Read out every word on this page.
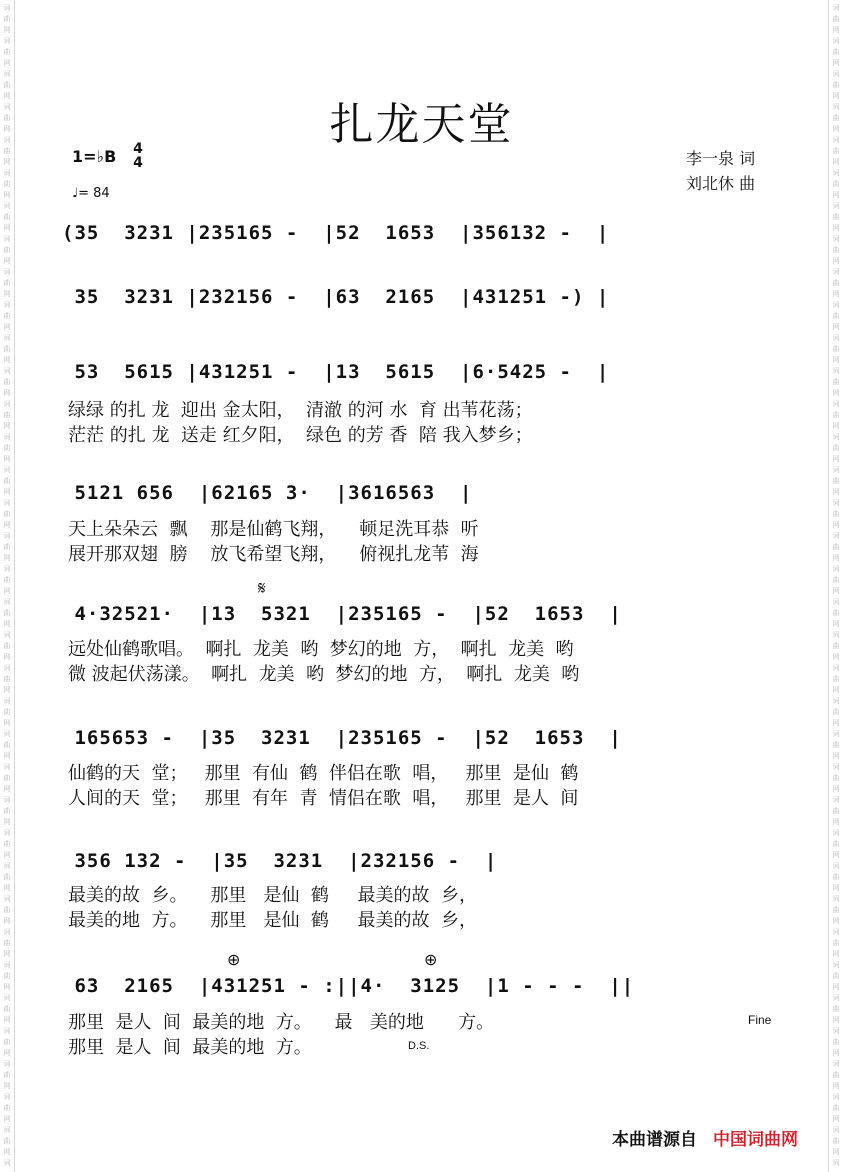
词
曲
网
词
曲
网
词
曲
网
词
曲
网
词
曲
网
词
曲
网
词
曲
网
词
曲
网
词
曲
网
词
曲
网
词
曲
网
词
曲
网
词
曲
网
词
曲
网
词
曲
网
词
曲
网
词
曲
网
词
曲
网
词
曲
网
词
曲
网
词
曲
网
词
曲
网
词
曲
网
词
曲
网
词
曲
网
词
曲
网
词
曲
网
词
曲
网
词
曲
网
词
曲
网
词
曲
网
词
曲
网
词
曲
网
词
曲
网
词
曲
网
词
词
曲
网
词
曲
网
词
曲
网
词
曲
网
词
曲
网
词
曲
网
词
曲
网
词
曲
网
词
曲
网
词
曲
网
词
曲
网
词
曲
网
词
曲
网
词
曲
网
词
曲
网
词
曲
网
词
曲
网
词
曲
网
词
曲
网
词
曲
网
词
曲
网
词
曲
网
词
曲
网
词
曲
网
词
曲
网
词
曲
网
词
曲
网
词
曲
网
词
曲
网
词
曲
网
词
曲
网
词
曲
网
词
曲
网
词
曲
网
词
曲
网
词
扎龙天堂
1=♭B 4
4
♩= 84
李一泉 词
刘北休 曲
(35  3231 |235165 -  |52  1653  |356132 -  |
35  3231 |232156 -  |63  2165  |431251 -) |
53  5615 |431251 -  |13  5615  |6·5425 -  |
绿绿 的扎 龙  迎出 金太阳，  清澈 的河 水  育 出苇花荡；
茫茫 的扎 龙  送走 红夕阳，  绿色 的芳 香  陪 我入梦乡；
5121 656  |62165 3·  |3616563  |
天上朵朵云  飘    那是仙鹤飞翔，    顿足洗耳恭  听
展开那双翅  膀    放飞希望飞翔，    俯视扎龙苇  海
𝄋
4·32521·  |13  5321  |235165 -  |52  1653  |
远处仙鹤歌唱。  啊扎  龙美  哟  梦幻的地  方，  啊扎  龙美  哟
微 波起伏荡漾。  啊扎  龙美  哟  梦幻的地  方，  啊扎  龙美  哟
165653 -  |35  3231  |235165 -  |52  1653  |
仙鹤的天  堂；   那里  有仙  鹤  伴侣在歌  唱，   那里  是仙  鹤
人间的天  堂；   那里  有年  青  情侣在歌  唱，   那里  是人  间
356 132 -  |35  3231  |232156 -  |
最美的故  乡。    那里   是仙  鹤     最美的故  乡，
最美的地  方。    那里   是仙  鹤     最美的故  乡，
⊕	⊕
63  2165  |431251 - :||4·  3125  |1 - - -  ||
那里  是人  间  最美的地  方。    最   美的地      方。
那里  是人  间  最美的地  方。
Fine
D.S.
本曲谱源自 中国词曲网
